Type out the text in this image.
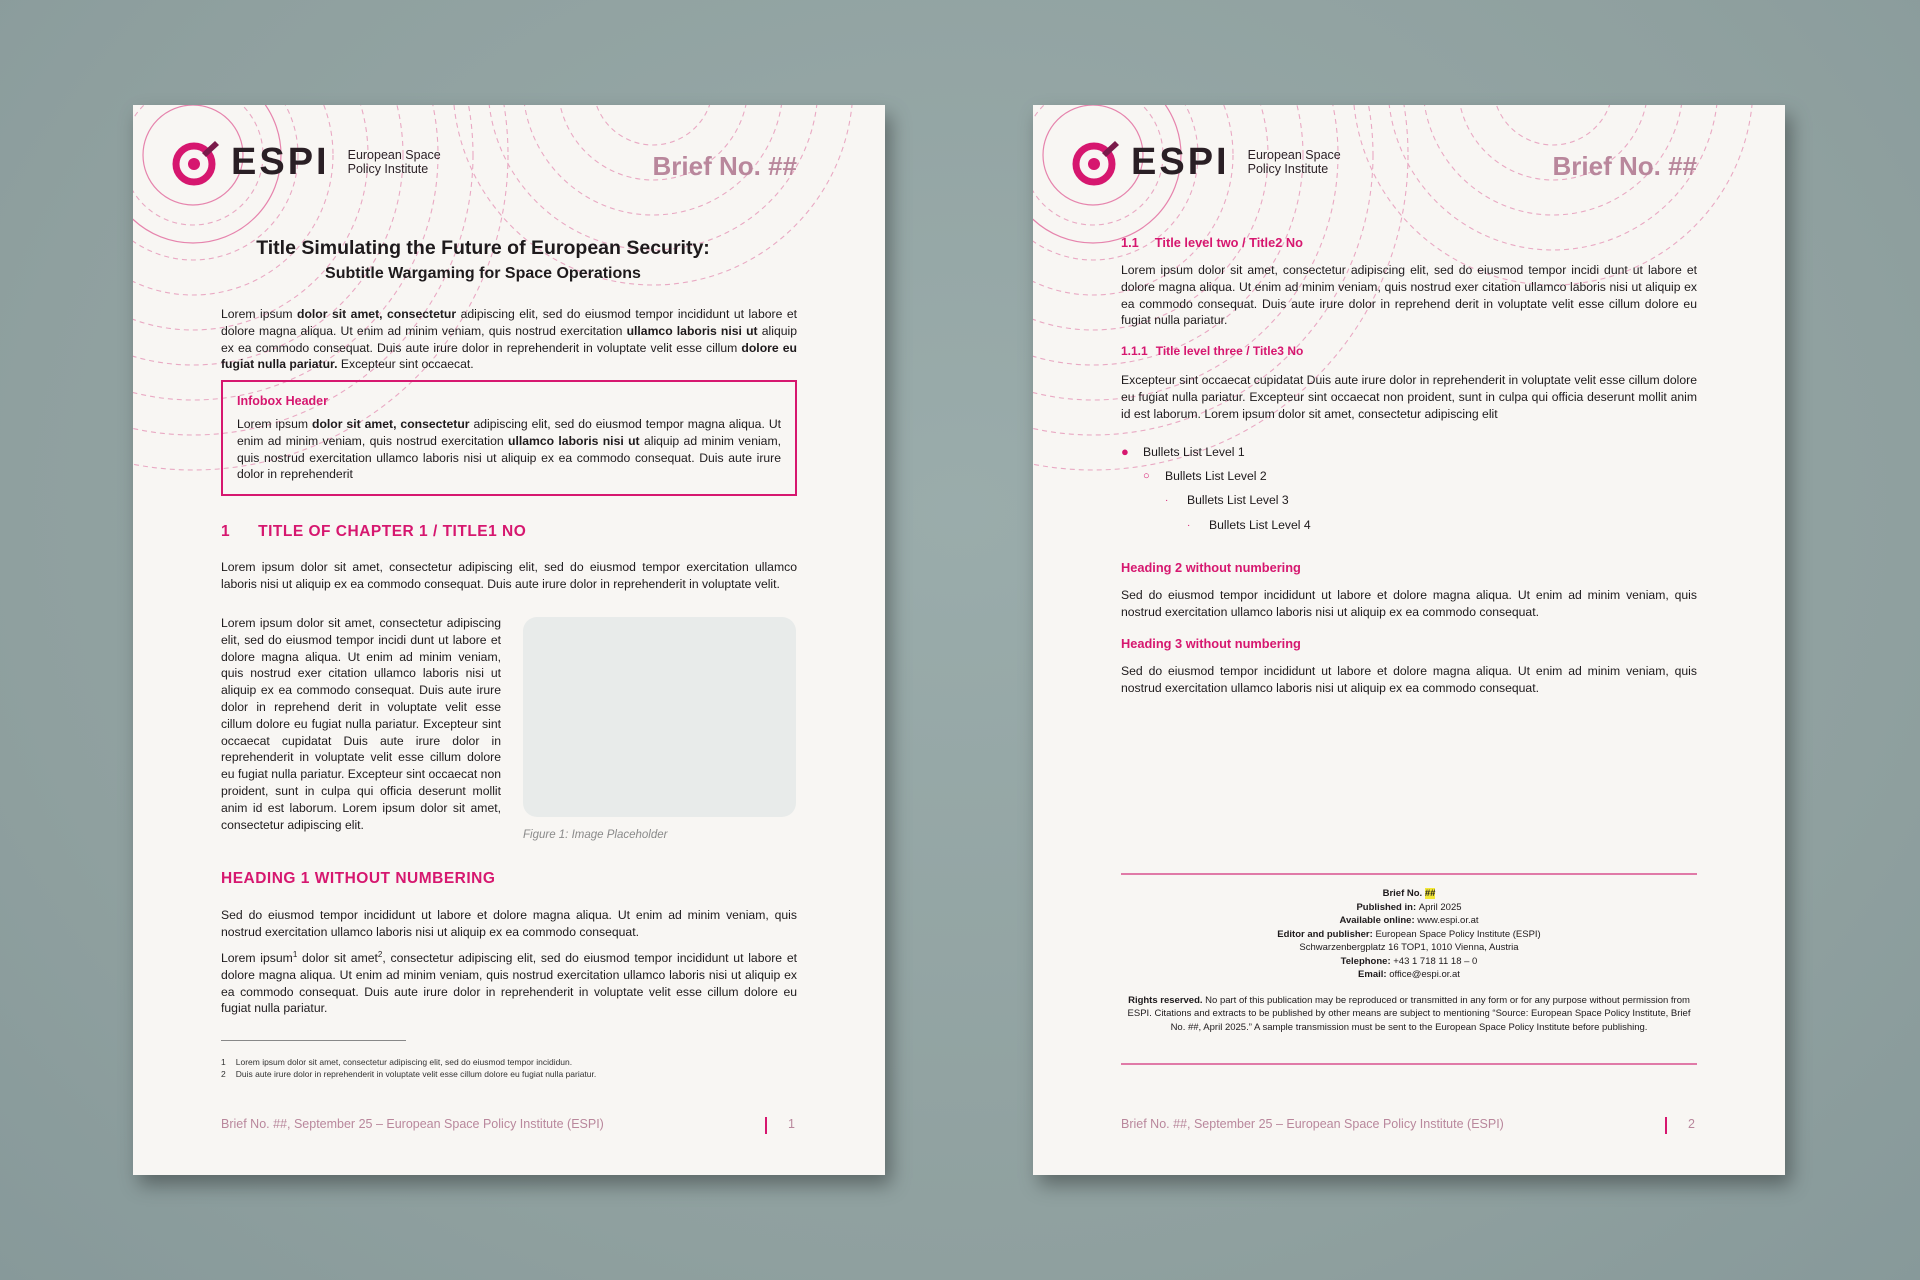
ESPI European Space
Policy Institute	Brief No. ##
Title Simulating the Future of European Security:
Subtitle Wargaming for Space Operations
Lorem ipsum dolor sit amet, consectetur adipiscing elit, sed do eiusmod tempor incididunt ut labore et dolore magna aliqua. Ut enim ad minim veniam, quis nostrud exercitation ullamco laboris nisi ut aliquip ex ea commodo consequat. Duis aute irure dolor in reprehenderit in voluptate velit esse cillum dolore eu fugiat nulla pariatur. Excepteur sint occaecat.
Infobox Header
Lorem ipsum dolor sit amet, consectetur adipiscing elit, sed do eiusmod tempor magna aliqua. Ut enim ad minim veniam, quis nostrud exercitation ullamco laboris nisi ut aliquip ad minim veniam, quis nostrud exercitation ullamco laboris nisi ut aliquip ex ea commodo consequat. Duis aute irure dolor in reprehenderit
1 TITLE OF CHAPTER 1 / TITLE1 NO
Lorem ipsum dolor sit amet, consectetur adipiscing elit, sed do eiusmod tempor exercitation ullamco laboris nisi ut aliquip ex ea commodo consequat. Duis aute irure dolor in reprehenderit in voluptate velit.
Lorem ipsum dolor sit amet, consectetur adipiscing elit, sed do eiusmod tempor incidi dunt ut labore et dolore magna aliqua. Ut enim ad minim veniam, quis nostrud exer citation ullamco laboris nisi ut aliquip ex ea commodo consequat. Duis aute irure dolor in reprehend derit in voluptate velit esse cillum dolore eu fugiat nulla pariatur. Excepteur sint occaecat cupidatat Duis aute irure dolor in reprehenderit in voluptate velit esse cillum dolore eu fugiat nulla pariatur. Excepteur sint occaecat non proident, sunt in culpa qui officia deserunt mollit anim id est laborum. Lorem ipsum dolor sit amet, consectetur adipiscing elit.
Figure 1: Image Placeholder
HEADING 1 WITHOUT NUMBERING
Sed do eiusmod tempor incididunt ut labore et dolore magna aliqua. Ut enim ad minim veniam, quis nostrud exercitation ullamco laboris nisi ut aliquip ex ea commodo consequat.
Lorem ipsum$^1$ dolor sit amet$^2$, consectetur adipiscing elit, sed do eiusmod tempor incididunt ut labore et dolore magna aliqua. Ut enim ad minim veniam, quis nostrud exercitation ullamco laboris nisi ut aliquip ex ea commodo consequat. Duis aute irure dolor in reprehenderit in voluptate velit esse cillum dolore eu fugiat nulla pariatur.
1 Lorem ipsum dolor sit amet, consectetur adipiscing elit, sed do eiusmod tempor incididun.
2 Duis aute irure dolor in reprehenderit in voluptate velit esse cillum dolore eu fugiat nulla pariatur.
Brief No. ##, September 25 – European Space Policy Institute (ESPI)	1
ESPI European Space
Policy Institute	Brief No. ##
1.1 Title level two / Title2 No
Lorem ipsum dolor sit amet, consectetur adipiscing elit, sed do eiusmod tempor incidi dunt ut labore et dolore magna aliqua. Ut enim ad minim veniam, quis nostrud exer citation ullamco laboris nisi ut aliquip ex ea commodo consequat. Duis aute irure dolor in reprehend derit in voluptate velit esse cillum dolore eu fugiat nulla pariatur.
1.1.1 Title level three / Title3 No
Excepteur sint occaecat cupidatat Duis aute irure dolor in reprehenderit in voluptate velit esse cillum dolore eu fugiat nulla pariatur. Excepteur sint occaecat non proident, sunt in culpa qui officia deserunt mollit anim id est laborum. Lorem ipsum dolor sit amet, consectetur adipiscing elit
●	Bullets List Level 1
○	Bullets List Level 2
·	Bullets List Level 3
·	Bullets List Level 4
Heading 2 without numbering
Sed do eiusmod tempor incididunt ut labore et dolore magna aliqua. Ut enim ad minim veniam, quis nostrud exercitation ullamco laboris nisi ut aliquip ex ea commodo consequat.
Heading 3 without numbering
Sed do eiusmod tempor incididunt ut labore et dolore magna aliqua. Ut enim ad minim veniam, quis nostrud exercitation ullamco laboris nisi ut aliquip ex ea commodo consequat.
Brief No. ##
Published in: April 2025
Available online: www.espi.or.at
Editor and publisher: European Space Policy Institute (ESPI)
Schwarzenbergplatz 16 TOP1, 1010 Vienna, Austria
Telephone: +43 1 718 11 18 – 0
Email: office@espi.or.at
Rights reserved. No part of this publication may be reproduced or transmitted in any form or for any purpose without permission from ESPI. Citations and extracts to be published by other means are subject to mentioning “Source: European Space Policy Institute, Brief No. ##, April 2025.” A sample transmission must be sent to the European Space Policy Institute before publishing.
Brief No. ##, September 25 – European Space Policy Institute (ESPI)	2
